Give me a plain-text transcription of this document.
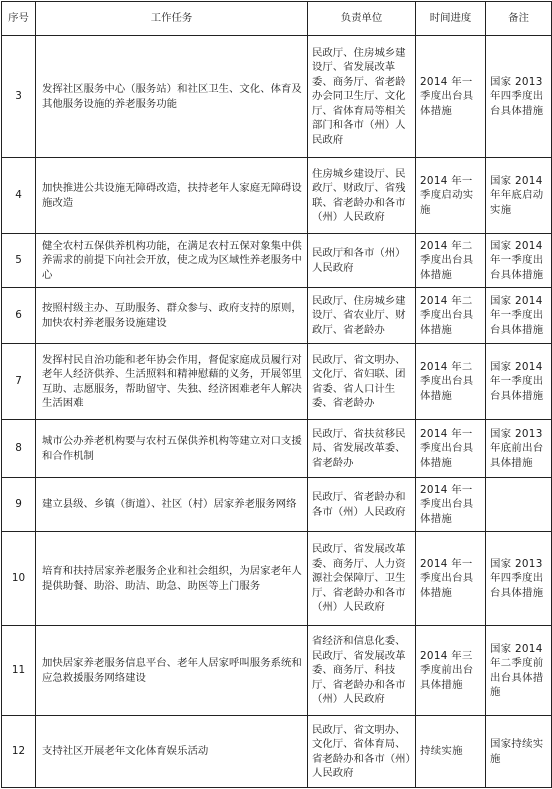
序号	工作任务	负责单位	时间进度	备注
3	发挥社区服务中心（服务站）和社区卫生、文化、体育及其他服务设施的养老服务功能	民政厅、住房城乡建设厅、省发展改革委、商务厅、省老龄办会同卫生厅、文化厅、省体育局等相关部门和各市（州）人民政府	2014 年一季度出台具体措施	国家 2013 年四季度出台具体措施
4	加快推进公共设施无障碍改造，扶持老年人家庭无障碍设施改造	住房城乡建设厅、民政厅、财政厅、省残联、省老龄办和各市（州）人民政府	2014 年一季度启动实施	国家 2014 年年底启动实施
5	健全农村五保供养机构功能，在满足农村五保对象集中供养需求的前提下向社会开放，使之成为区域性养老服务中心	民政厅和各市（州）人民政府	2014 年二季度出台具体措施	国家 2014 年一季度出台具体措施
6	按照村级主办、互助服务、群众参与、政府支持的原则，加快农村养老服务设施建设	民政厅、住房城乡建设厅、省农业厅、财政厅、省老龄办	2014 年二季度出台具体措施	国家 2014 年一季度出台具体措施
7	发挥村民自治功能和老年协会作用，督促家庭成员履行对老年人经济供养、生活照料和精神慰藉的义务，开展邻里互助、志愿服务，帮助留守、失独、经济困难老年人解决生活困难	民政厅、省文明办、文化厅、省妇联、团省委、省人口计生委、省老龄办	2014 年二季度出台具体措施	国家 2014 年一季度出台具体措施
8	城市公办养老机构要与农村五保供养机构等建立对口支援和合作机制	民政厅、省扶贫移民局、省发展改革委、省老龄办	2014 年一季度出台具体措施	国家 2013 年底前出台具体措施
9	建立县级、乡镇（街道）、社区（村）居家养老服务网络	民政厅、省老龄办和各市（州）人民政府	2014 年一季度出台具体措施	
10	培育和扶持居家养老服务企业和社会组织，为居家老年人提供助餐、助浴、助洁、助急、助医等上门服务	民政厅、省发展改革委、商务厅、人力资源社会保障厅、卫生厅、省老龄办和各市（州）人民政府	2014 年一季度出台具体措施	国家 2013 年四季度出台具体措施
11	加快居家养老服务信息平台、老年人居家呼叫服务系统和应急救援服务网络建设	省经济和信息化委、民政厅、省发展改革委、商务厅、科技厅、省老龄办和各市（州）人民政府	2014 年三季度前出台具体措施	国家 2014 年二季度前出台具体措施
12	支持社区开展老年文化体育娱乐活动	民政厅、省文明办、文化厅、省体育局、省老龄办和各市（州）人民政府	持续实施	国家持续实施
